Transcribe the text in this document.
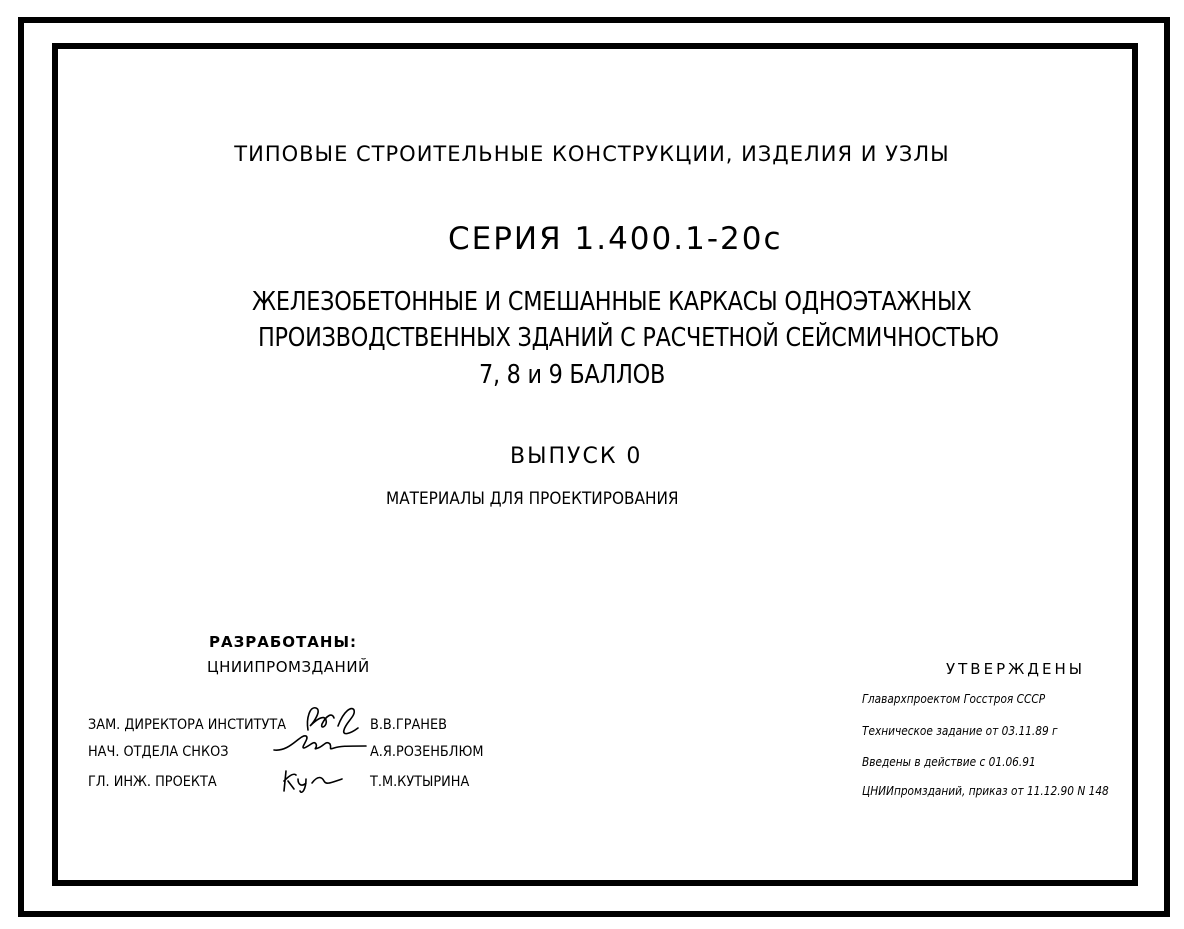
ТИПОВЫЕ СТРОИТЕЛЬНЫЕ КОНСТРУКЦИИ, ИЗДЕЛИЯ И УЗЛЫ
СЕРИЯ 1.400.1-20с
ЖЕЛЕЗОБЕТОННЫЕ И СМЕШАННЫЕ КАРКАСЫ ОДНОЭТАЖНЫХ
ПРОИЗВОДСТВЕННЫХ ЗДАНИЙ С РАСЧЕТНОЙ СЕЙСМИЧНОСТЬЮ
7, 8 и 9 БАЛЛОВ
ВЫПУСК 0
МАТЕРИАЛЫ ДЛЯ ПРОЕКТИРОВАНИЯ
РАЗРАБОТАНЫ:
ЦНИИПРОМЗДАНИЙ
ЗАМ. ДИРЕКТОРА ИНСТИТУТА	В.В.ГРАНЕВ
НАЧ. ОТДЕЛА СНКОЗ	А.Я.РОЗЕНБЛЮМ
ГЛ. ИНЖ. ПРОЕКТА	Т.М.КУТЫРИНА
УТВЕРЖДЕНЫ
Главархпроектом Госстроя СССР
Техническое задание от 03.11.89 г
Введены в действие с 01.06.91
ЦНИИпромзданий, приказ от 11.12.90 N 148
